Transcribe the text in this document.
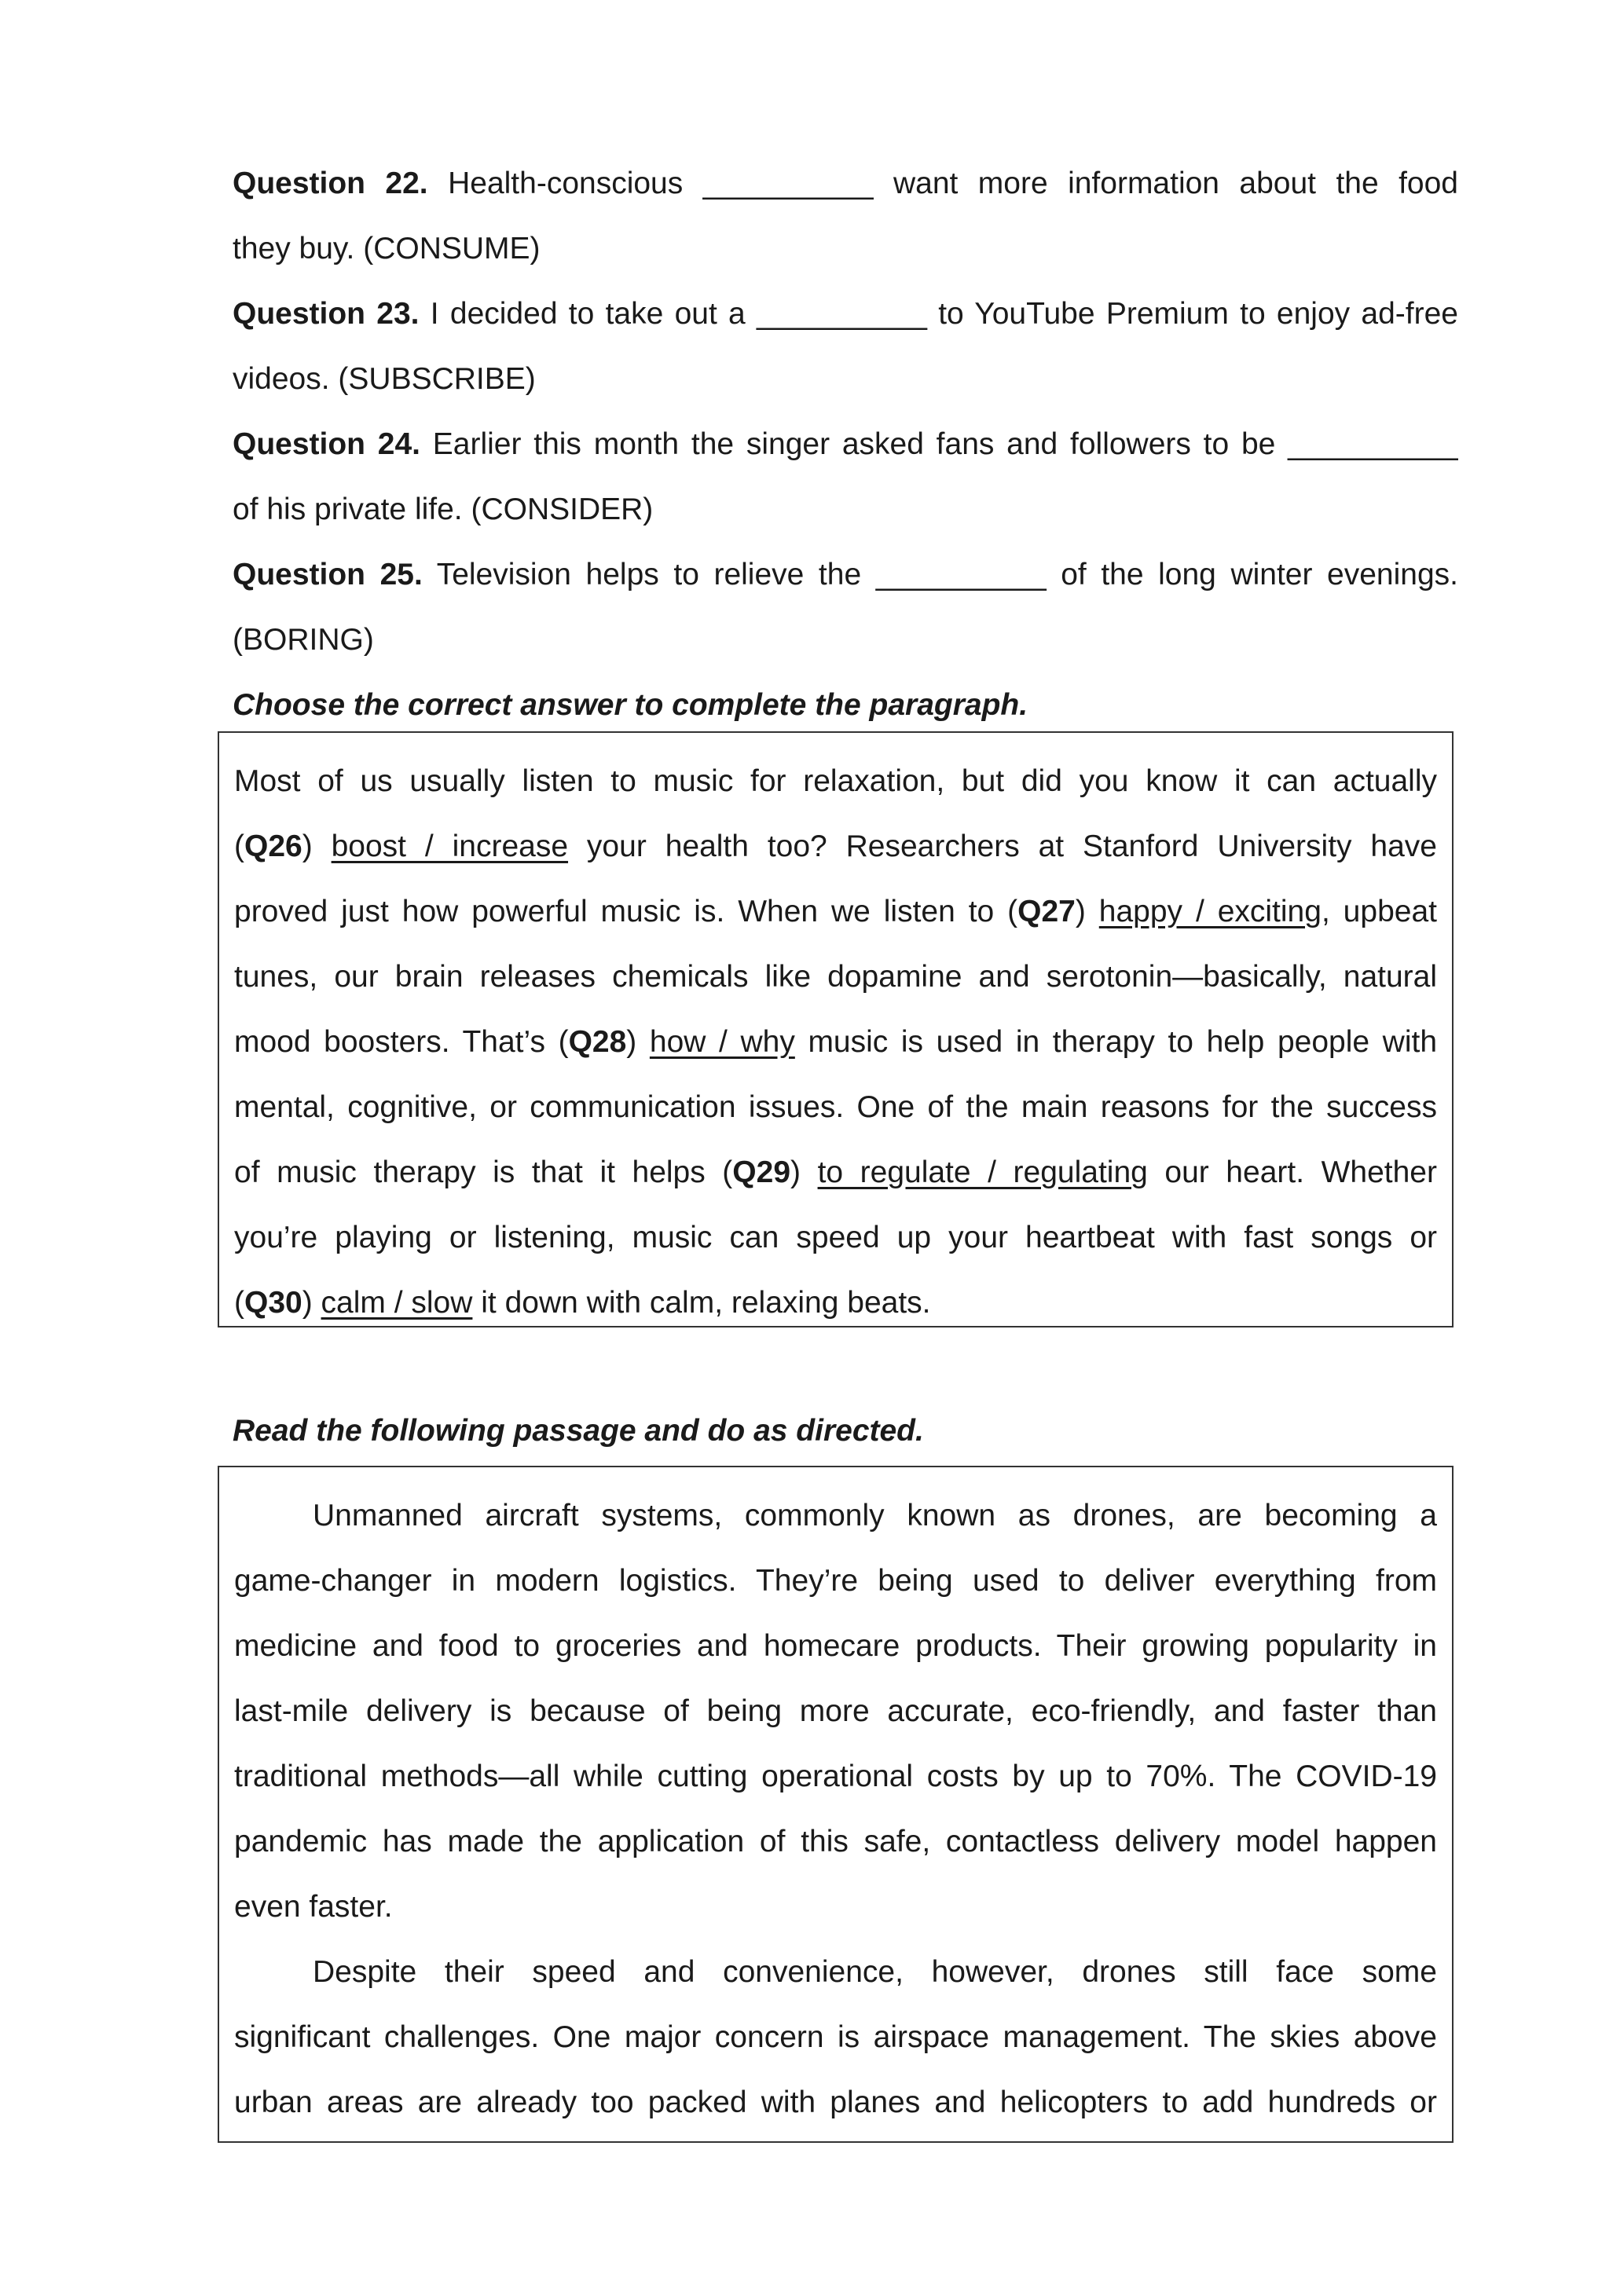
Question 22. Health-conscious __________ want more information about the food
they buy. (CONSUME)
Question 23. I decided to take out a __________ to YouTube Premium to enjoy ad-free
videos. (SUBSCRIBE)
Question 24. Earlier this month the singer asked fans and followers to be __________
of his private life. (CONSIDER)
Question 25. Television helps to relieve the __________ of the long winter evenings.
(BORING)
Choose the correct answer to complete the paragraph.
Most of us usually listen to music for relaxation, but did you know it can actually
(Q26) boost / increase your health too? Researchers at Stanford University have
proved just how powerful music is. When we listen to (Q27) happy / exciting, upbeat
tunes, our brain releases chemicals like dopamine and serotonin—basically, natural
mood boosters. That’s (Q28) how / why music is used in therapy to help people with
mental, cognitive, or communication issues. One of the main reasons for the success
of music therapy is that it helps (Q29) to regulate / regulating our heart. Whether
you’re playing or listening, music can speed up your heartbeat with fast songs or
(Q30) calm / slow it down with calm, relaxing beats.
Read the following passage and do as directed.
Unmanned aircraft systems, commonly known as drones, are becoming a
game-changer in modern logistics. They’re being used to deliver everything from
medicine and food to groceries and homecare products. Their growing popularity in
last-mile delivery is because of being more accurate, eco-friendly, and faster than
traditional methods—all while cutting operational costs by up to 70%. The COVID-19
pandemic has made the application of this safe, contactless delivery model happen
even faster.
Despite their speed and convenience, however, drones still face some
significant challenges. One major concern is airspace management. The skies above
urban areas are already too packed with planes and helicopters to add hundreds or
